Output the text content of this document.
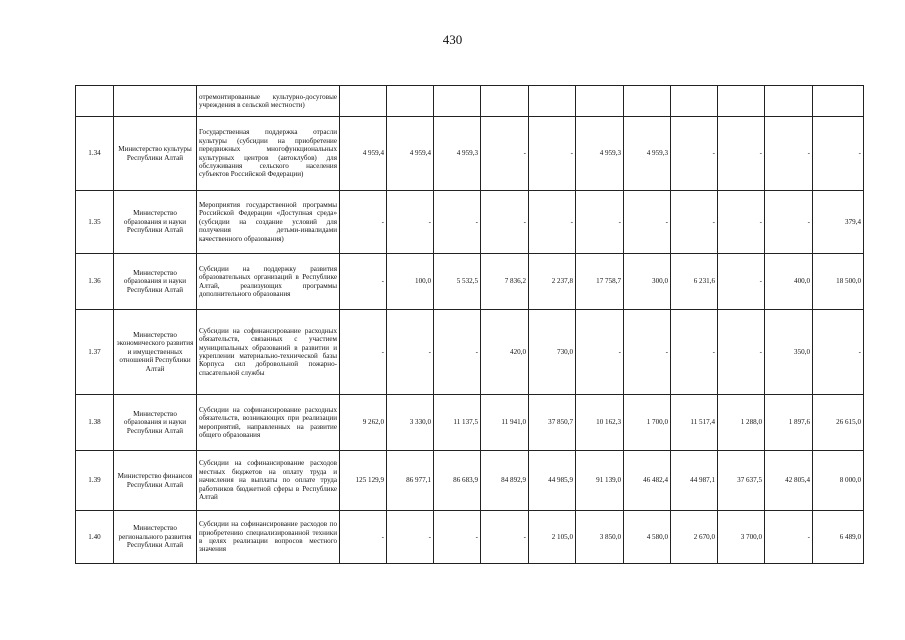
430
		отремонтированные культурно-досуговые учреждения в сельской местности)											
1.34	Министерство культуры Республики Алтай	Государственная поддержка отрасли культуры (субсидии на приобретение передвижных многофункциональных культурных центров (автоклубов) для обслуживания сельского населения субъектов Российской Федерации)	4 959,4	4 959,4	4 959,3	-	-	4 959,3	4 959,3	-	-	-	-
1.35	Министерство образования и науки Республики Алтай	Мероприятия государственной программы Российской Федерации «Доступная среда» (субсидии на создание условий для получения детьми-инвалидами качественного образования)	-	-	-	-	-	-	-	-	-	-	379,4
1.36	Министерство образования и науки Республики Алтай	Субсидии на поддержку развития образовательных организаций в Республике Алтай, реализующих программы дополнительного образования	-	100,0	5 532,5	7 836,2	2 237,8	17 758,7	300,0	6 231,6	-	400,0	18 500,0
1.37	Министерство экономического развития и имущественных отношений Республики Алтай	Субсидии на софинансирование расходных обязательств, связанных с участием муниципальных образований в развитии и укреплении материально-технической базы Корпуса сил добровольной пожарно-спасательной службы	-	-	-	420,0	730,0	-	-	-	-	350,0	-
1.38	Министерство образования и науки Республики Алтай	Субсидии на софинансирование расходных обязательств, возникающих при реализации мероприятий, направленных на развитие общего образования	9 262,0	3 330,0	11 137,5	11 941,0	37 850,7	10 162,3	1 700,0	11 517,4	1 288,0	1 897,6	26 615,0
1.39	Министерство финансов Республики Алтай	Субсидии на софинансирование расходов местных бюджетов на оплату труда и начисления на выплаты по оплате труда работников бюджетной сферы в Республике Алтай	125 129,9	86 977,1	86 683,9	84 892,9	44 985,9	91 139,0	46 482,4	44 987,1	37 637,5	42 805,4	8 000,0
1.40	Министерство регионального развития Республики Алтай	Субсидии на софинансирование расходов по приобретению специализированной техники в целях реализации вопросов местного значения	-	-	-	-	2 105,0	3 850,0	4 580,0	2 670,0	3 700,0	-	6 489,0
